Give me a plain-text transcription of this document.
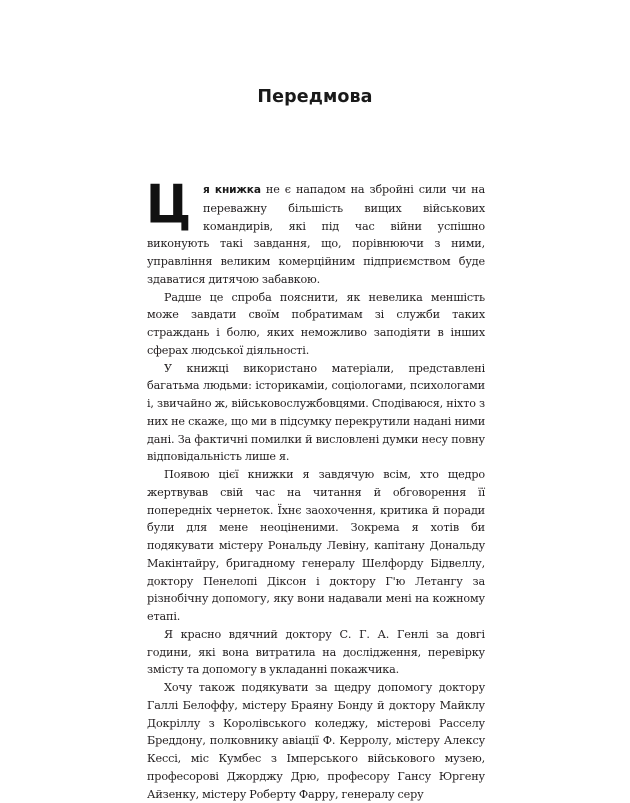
Передмова

Ц я книжка не є нападом на збройні сили чи на переважну більшість вищих військових командирів, які під час війни успішно виконують такі завдання, що, порівнюючи з ними, управління великим комерційним підприємством буде здаватися дитячою забавкою.

Радше це спроба пояснити, як невелика меншість може завдати своїм побратимам зі служби таких страждань і болю, яких неможливо заподіяти в інших сферах людської діяльності.

У книжці використано матеріали, представлені багатьма людьми: історикаміи, соціологами, психологами і, звичайно ж, військовослужбовцями. Сподіваюся, ніхто з них не скаже, що ми в підсумку перекрутили надані ними дані. За фактичні помилки й висловлені думки несу повну відповідальність лише я.

Появою цієї книжки я завдячую всім, хто щедро жертвував свій час на читання й обговорення її попередніх чернеток. Їхнє заохочення, критика й поради були для мене неоціненими. Зокрема я хотів би подякувати містеру Рональду Левіну, капітану Дональду Макінтайру, бригадному генералу Шелфорду Бідвеллу, доктору Пенелопі Діксон і доктору Г'ю Летангу за різнобічну допомогу, яку вони надавали мені на кожному етапі.

Я красно вдячний доктору С. Г. А. Генлі за довгі години, які вона витратила на дослідження, перевірку змісту та допомогу в укладанні покажчика.

Хочу також подякувати за щедру допомогу доктору Галлі Белоффу, містеру Браяну Бонду й доктору Майклу Докріллу з Королівського коледжу, містерові Расселу Бреддону, полковнику авіації Ф. Керролу, містеру Алексу Кессі, міс Кумбес з Імперського військового музею, професорові Джорджу Дрю, професору Гансу Юргену Айзенку, містеру Роберту Фарру, генералу серу
